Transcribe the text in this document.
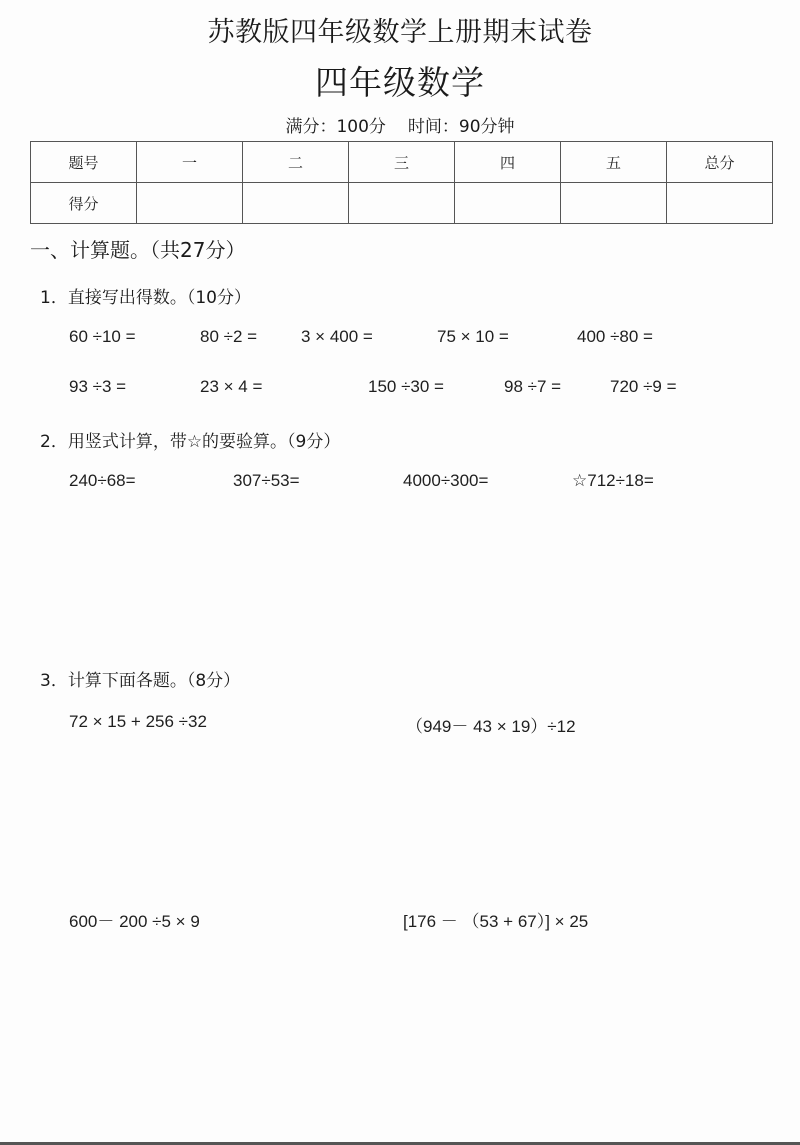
苏教版四年级数学上册期末试卷
四年级数学
满分：100分 时间：90分钟
题号	一	二	三	四	五	总分
得分						
一、计算题。（共27分）
1．直接写出得数。（10分）
60 ÷10 =	80 ÷2 =	3 × 400 =	75 × 10 =	400 ÷80 =
93 ÷3 =	23 × 4 =	150 ÷30 =	98 ÷7 =	720 ÷9 =
2．用竖式计算，带☆的要验算。（9分）
240÷68=	307÷53=	4000÷300=	☆712÷18=
3．计算下面各题。（8分）
72 × 15 + 256 ÷32	（949－ 43 × 19）÷12
600－ 200 ÷5 × 9	[176 － （53 + 67）] × 25
